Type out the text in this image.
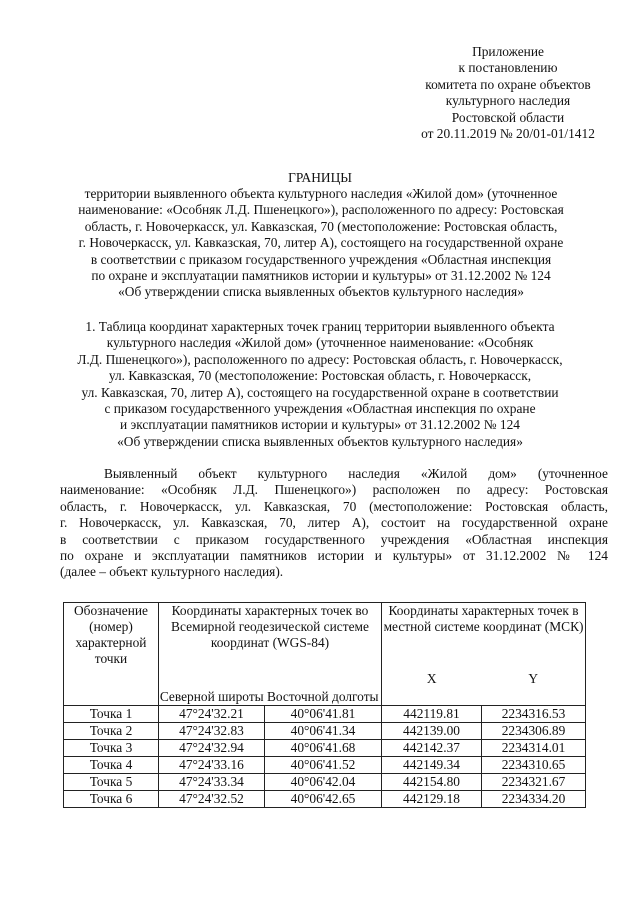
Приложение
к постановлению
комитета по охране объектов
культурного наследия
Ростовской области
от 20.11.2019 № 20/01-01/1412
ГРАНИЦЫ
территории выявленного объекта культурного наследия «Жилой дом» (уточненное
наименование: «Особняк Л.Д. Пшенецкого»), расположенного по адресу: Ростовская
область, г. Новочеркасск, ул. Кавказская, 70 (местоположение: Ростовская область,
г. Новочеркасск, ул. Кавказская, 70, литер А), состоящего на государственной охране
в соответствии с приказом государственного учреждения «Областная инспекция
по охране и эксплуатации памятников истории и культуры» от 31.12.2002 № 124
«Об утверждении списка выявленных объектов культурного наследия»
1. Таблица координат характерных точек границ территории выявленного объекта
культурного наследия «Жилой дом» (уточненное наименование: «Особняк
Л.Д. Пшенецкого»), расположенного по адресу: Ростовская область, г. Новочеркасск,
ул. Кавказская, 70 (местоположение: Ростовская область, г. Новочеркасск,
ул. Кавказская, 70, литер А), состоящего на государственной охране в соответствии
с приказом государственного учреждения «Областная инспекция по охране
и эксплуатации памятников истории и культуры» от 31.12.2002 № 124
«Об утверждении списка выявленных объектов культурного наследия»
Выявленный объект культурного наследия «Жилой дом» (уточненное
наименование: «Особняк Л.Д. Пшенецкого») расположен по адресу: Ростовская
область, г. Новочеркасск, ул. Кавказская, 70 (местоположение: Ростовская область,
г. Новочеркасск, ул. Кавказская, 70, литер А), состоит на государственной охране
в соответствии с приказом государственного учреждения «Областная инспекция
по охране и эксплуатации памятников истории и культуры» от 31.12.2002 № 124
(далее – объект культурного наследия).
Обозначение (номер) характерной точки	Координаты характерных точек во Всемирной геодезической системе координат (WGS-84)		Координаты характерных точек в местной системе координат (МСК)	
	Северной широты	Восточной долготы	X	Y
Точка 1	47°24'32.21	40°06'41.81	442119.81	2234316.53
Точка 2	47°24'32.83	40°06'41.34	442139.00	2234306.89
Точка 3	47°24'32.94	40°06'41.68	442142.37	2234314.01
Точка 4	47°24'33.16	40°06'41.52	442149.34	2234310.65
Точка 5	47°24'33.34	40°06'42.04	442154.80	2234321.67
Точка 6	47°24'32.52	40°06'42.65	442129.18	2234334.20
